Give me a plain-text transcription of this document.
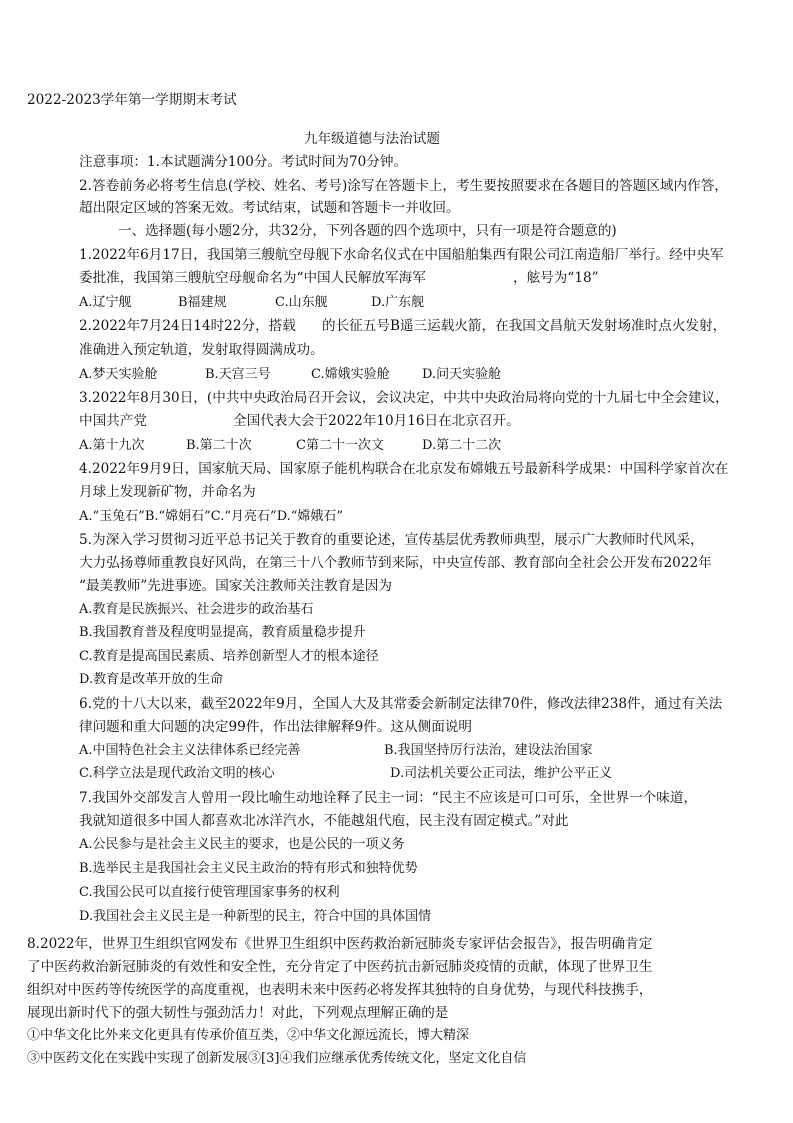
2022-2023学年第一学期期末考试
九年级道德与法治试题
注意事项：1.本试题满分100分。考试时间为70分钟。
2.答卷前务必将考生信息(学校、姓名、考号)涂写在答题卡上，考生要按照要求在各题目的答题区域内作答，
超出限定区域的答案无效。考试结束，试题和答题卡一并收回。
一、选择题(每小题2分，共32分，下列各题的四个选项中，只有一项是符合题意的)
1.2022年6月17日，我国第三艘航空母舰下水命名仪式在中国船舶集西有限公司江南造船厂举行。经中央军
委批准，我国第三艘航空母舰命名为“中国人民解放军海军	，舷号为“18”
A.辽宁舰	B福建规	C.山东舰	D.广东舰
2.2022年7月24日14时22分，搭载 的长征五号B遥三运载火箭，在我国文昌航天发射场准时点火发射，
准确进入预定轨道，发射取得圆满成功。
A.梦天实验舱	B.天宫三号	C.嫦娥实验舱 D.问天实验舱
3.2022年8月30日，(中共中央政治局召开会议，会议决定，中共中央政治局将向党的十九届七中全会建议，
中国共产党	全国代表大会于2022年10月16日在北京召开。
A.第十九次	B.第二十次	C第二十一次文	D.第二十二次
4.2022年9月9日，国家航天局、国家原子能机构联合在北京发布嫦娥五号最新科学成果：中国科学家首次在
月球上发现新矿物，并命名为
A.“玉兔石”B.“嫦娟石”C.“月亮石”D.“嫦娥石”
5.为深入学习贯彻习近平总书记关于教育的重要论述，宣传基层优秀教师典型，展示广大教师时代风采，
大力弘扬尊师重教良好风尚，在第三十八个教师节到来际，中央宣传部、教育部向全社会公开发布2022年
“最美教师”先进事迹。国家关注教师关注教育是因为
A.教育是民族振兴、社会进步的政治基石
B.我国教育普及程度明显提高，教育质量稳步提升
C.教育是提高国民素质、培养创新型人才的根本途径
D.教育是改革开放的生命
6.党的十八大以来，截至2022年9月，全国人大及其常委会新制定法律70件，修改法律238件，通过有关法
律问题和重大问题的决定99件，作出法律解释9件。这从侧面说明
A.中国特色社会主义法律体系已经完善	B.我国坚持厉行法治，建设法治国家
C.科学立法是现代政治文明的核心	D.司法机关要公正司法，维护公平正义
7.我国外交部发言人曾用一段比喻生动地诠释了民主一词：“民主不应该是可口可乐，全世界一个味道，
我就知道很多中国人都喜欢北冰洋汽水，不能越俎代庖，民主没有固定模式。”对此
A.公民参与是社会主义民主的要求，也是公民的一项义务
B.选举民主是我国社会主义民主政治的特有形式和独特优势
C.我国公民可以直接行使管理国家事务的权利
D.我国社会主义民主是一种新型的民主，符合中国的具体国情
8.2022年，世界卫生组织官网发布《世界卫生组织中医药救治新冠肺炎专家评估会报告》，报告明确肯定
了中医药救治新冠肺炎的有效性和安全性，充分肯定了中医药抗击新冠肺炎疫情的贡献，体现了世界卫生
组织对中医药等传统医学的高度重视，也表明未来中医药必将发挥其独特的自身优势，与现代科技携手，
展现出新时代下的强大韧性与强劲活力！对此，下列观点理解正确的是
①中华文化比外来文化更具有传承价值互类，②中华文化源远流长，博大精深
③中医药文化在实践中实现了创新发展③[3]④我们应继承优秀传统文化，坚定文化自信
